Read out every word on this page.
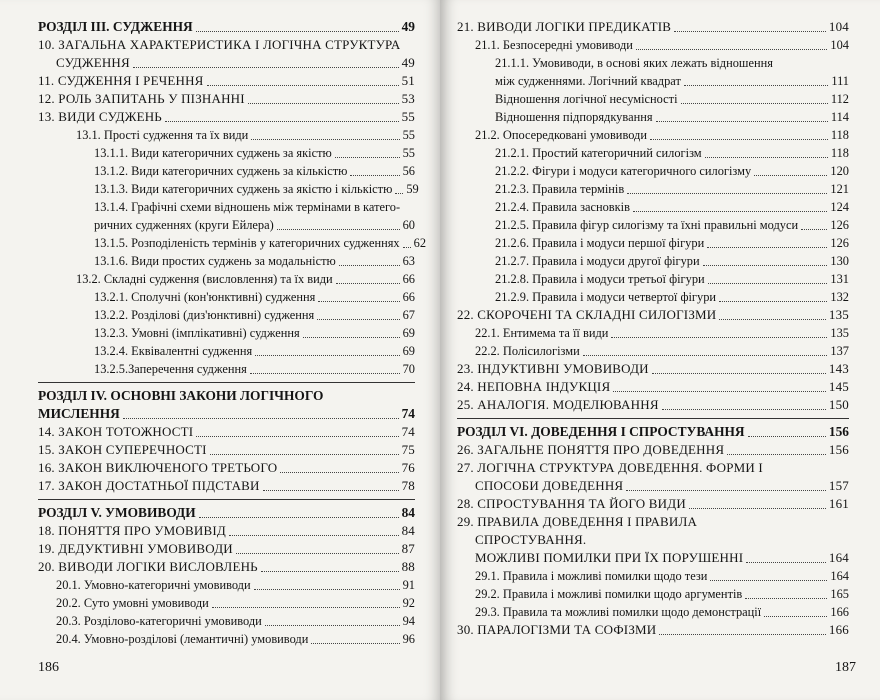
РОЗДІЛ ІІІ. СУДЖЕННЯ	49
10. ЗАГАЛЬНА ХАРАКТЕРИСТИКА І ЛОГІЧНА СТРУКТУРА
СУДЖЕННЯ	49
11. СУДЖЕННЯ І РЕЧЕННЯ	51
12. РОЛЬ ЗАПИТАНЬ У ПІЗНАННІ	53
13. ВИДИ СУДЖЕНЬ	55
13.1. Прості судження та їх види	55
13.1.1. Види категоричних суджень за якістю	55
13.1.2. Види категоричних суджень за кількістю	56
13.1.3. Види категоричних суджень за якістю і кількістю 59
13.1.4. Графічні схеми відношень між термінами в катего-
ричних судженнях (круги Ейлера)	60
13.1.5. Розподіленість термінів у категоричних судженнях 62
13.1.6. Види простих суджень за модальністю	63
13.2. Складні судження (висловлення) та їх види	66
13.2.1. Сполучні (кон'юнктивні) судження	66
13.2.2. Розділові (диз'юнктивні) судження	67
13.2.3. Умовні (імплікативні) судження	69
13.2.4. Еквівалентні судження	69
13.2.5.Заперечення судження	70
РОЗДІЛ IV. ОСНОВНІ ЗАКОНИ ЛОГІЧНОГО
МИСЛЕННЯ	74
14. ЗАКОН ТОТОЖНОСТІ	74
15. ЗАКОН СУПЕРЕЧНОСТІ	75
16. ЗАКОН ВИКЛЮЧЕНОГО ТРЕТЬОГО	76
17. ЗАКОН ДОСТАТНЬОЇ ПІДСТАВИ	78
РОЗДІЛ V. УМОВИВОДИ	84
18. ПОНЯТТЯ ПРО УМОВИВІД	84
19. ДЕДУКТИВНІ УМОВИВОДИ	87
20. ВИВОДИ ЛОГІКИ ВИСЛОВЛЕНЬ	88
20.1. Умовно-категоричні умовиводи	91
20.2. Суто умовні умовиводи	92
20.3. Розділово-категоричні умовиводи	94
20.4. Умовно-розділові (лемантичні) умовиводи	96
186
21. ВИВОДИ ЛОГІКИ ПРЕДИКАТІВ	104
21.1. Безпосередні умовиводи	104
21.1.1. Умовиводи, в основі яких лежать відношення
між судженнями. Логічний квадрат	111
Відношення логічної несумісності	112
Відношення підпорядкування	114
21.2. Опосередковані умовиводи	118
21.2.1. Простий категоричний силогізм	118
21.2.2. Фігури і модуси категоричного силогізму	120
21.2.3. Правила термінів	121
21.2.4. Правила засновків	124
21.2.5. Правила фігур силогізму та їхні правильні модуси	126
21.2.6. Правила і модуси першої фігури	126
21.2.7. Правила і модуси другої фігури	130
21.2.8. Правила і модуси третьої фігури	131
21.2.9. Правила і модуси четвертої фігури	132
22. СКОРОЧЕНІ ТА СКЛАДНІ СИЛОГІЗМИ	135
22.1. Ентимема та її види	135
22.2. Полісилогізми	137
23. ІНДУКТИВНІ УМОВИВОДИ	143
24. НЕПОВНА ІНДУКЦІЯ	145
25. АНАЛОГІЯ. МОДЕЛЮВАННЯ	150
РОЗДІЛ VI. ДОВЕДЕННЯ І СПРОСТУВАННЯ	156
26. ЗАГАЛЬНЕ ПОНЯТТЯ ПРО ДОВЕДЕННЯ	156
27. ЛОГІЧНА СТРУКТУРА ДОВЕДЕННЯ. ФОРМИ І
СПОСОБИ ДОВЕДЕННЯ	157
28. СПРОСТУВАННЯ ТА ЙОГО ВИДИ	161
29. ПРАВИЛА ДОВЕДЕННЯ І ПРАВИЛА
СПРОСТУВАННЯ.
МОЖЛИВІ ПОМИЛКИ ПРИ ЇХ ПОРУШЕННІ	164
29.1. Правила і можливі помилки щодо тези	164
29.2. Правила і можливі помилки щодо аргументів	165
29.3. Правила та можливі помилки щодо демонстрації	166
30. ПАРАЛОГІЗМИ ТА СОФІЗМИ	166
187
